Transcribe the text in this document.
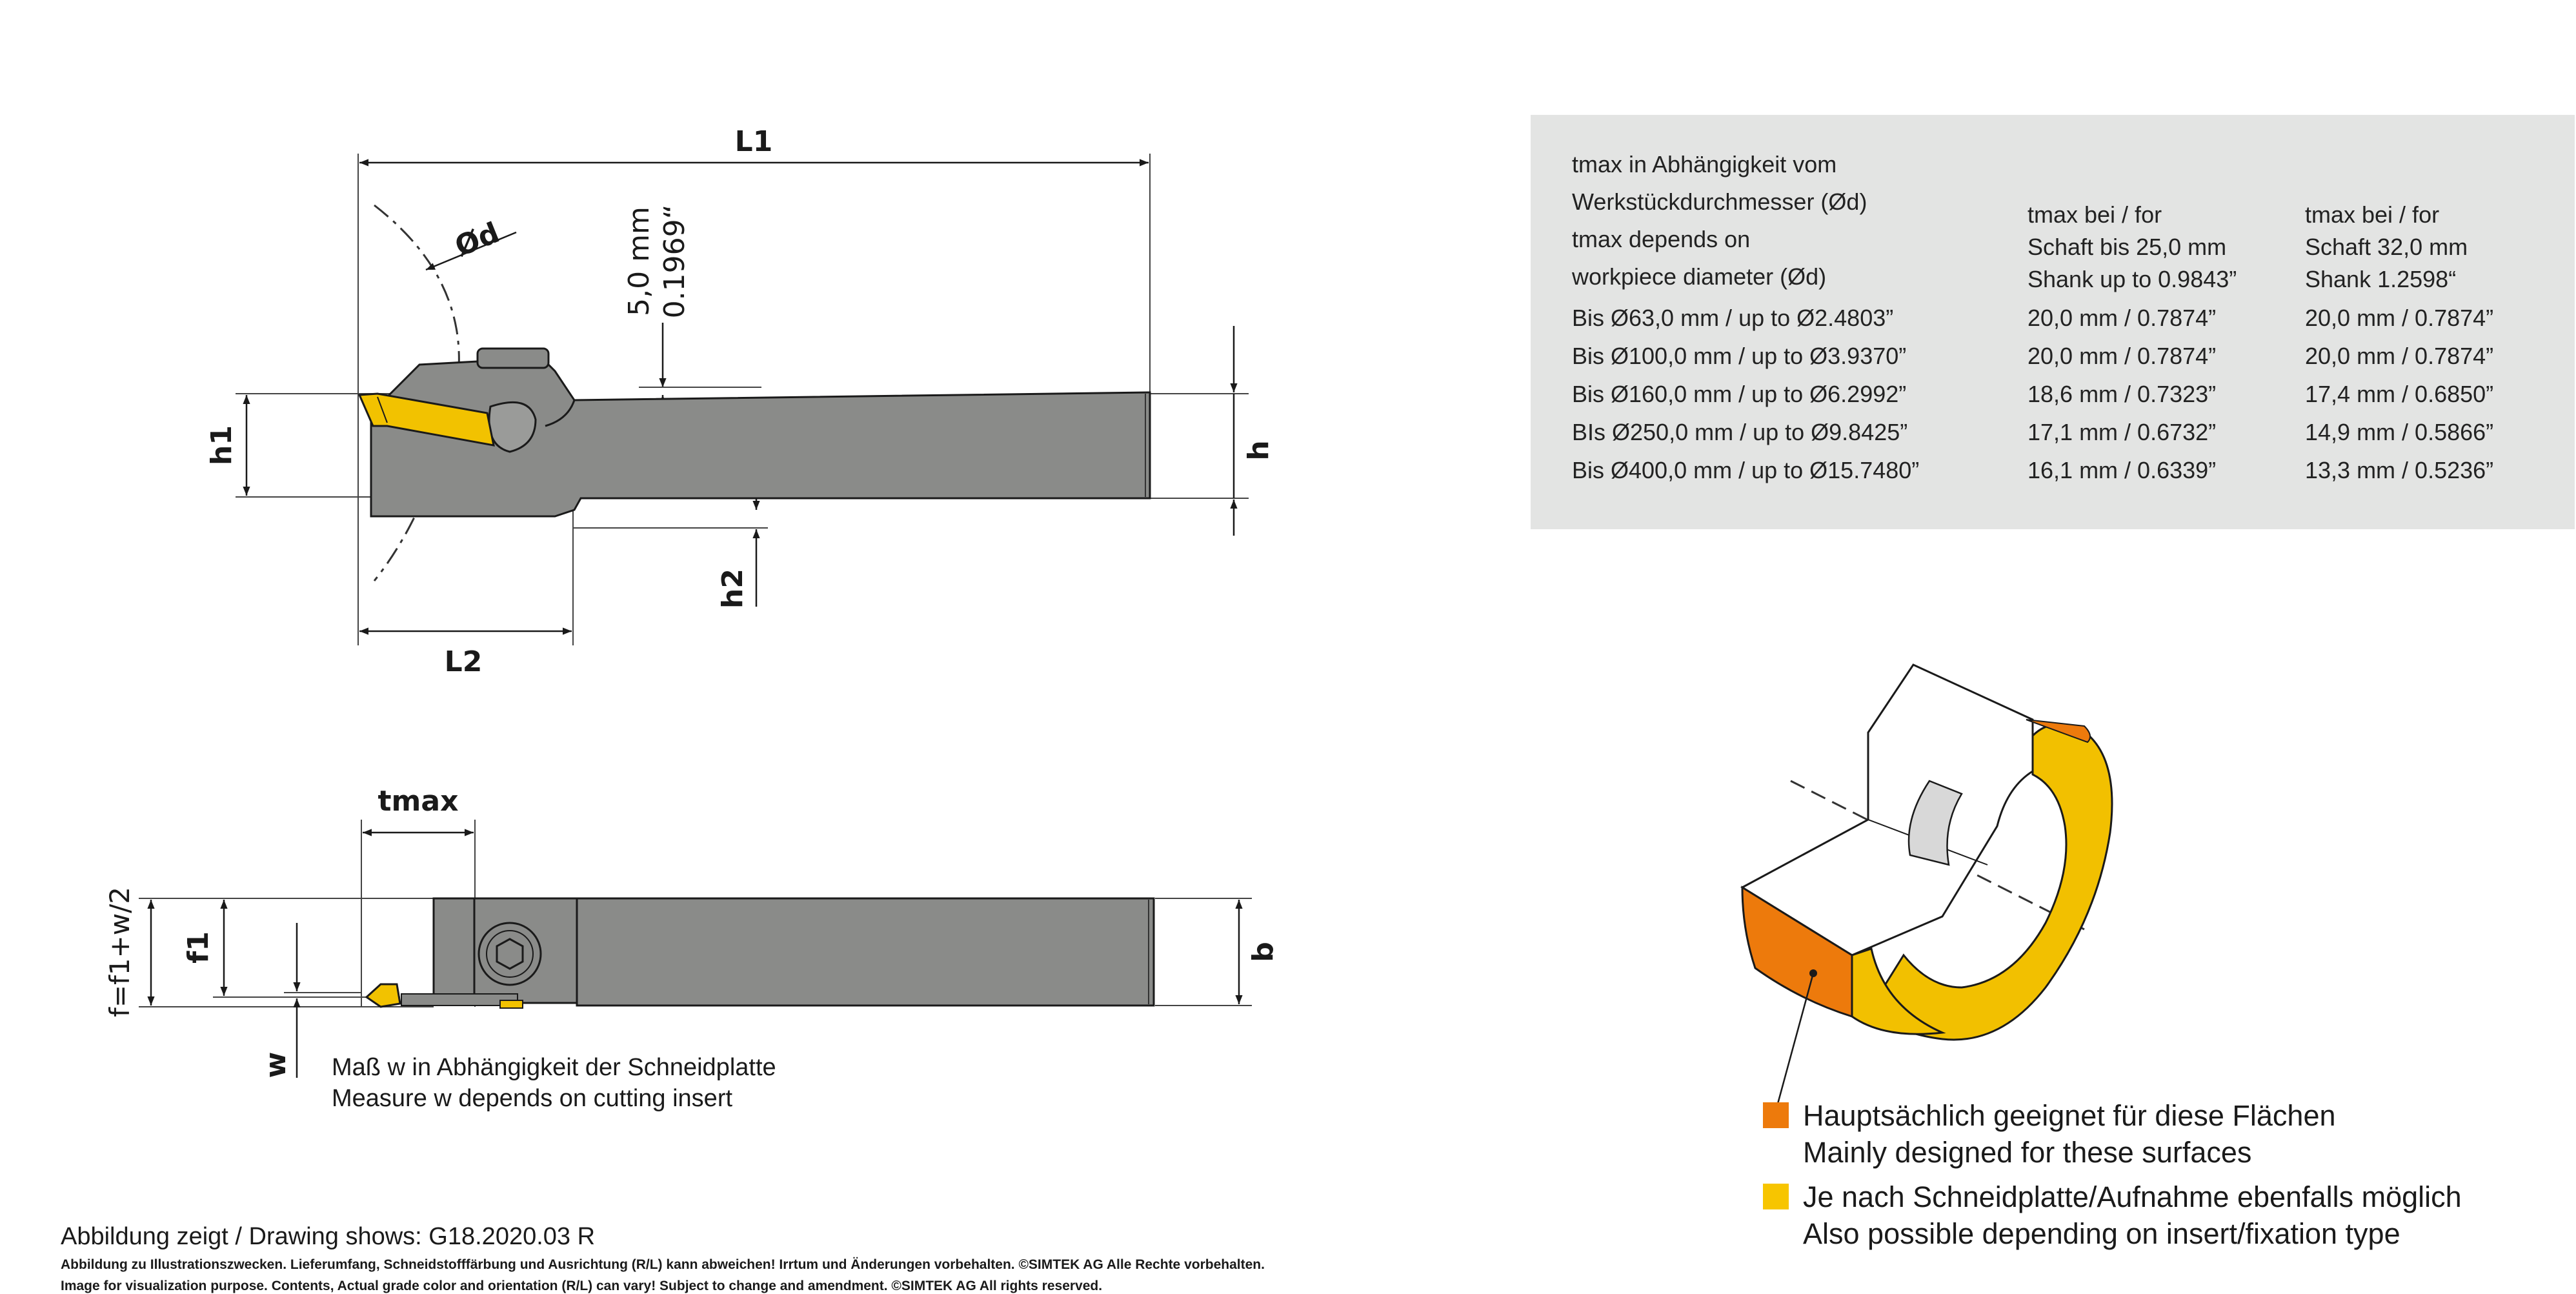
L1
L2
h1	h
h2
5,0 mm 0.1969“
Ød
tmax
f=f1+w/2 f1
w
b
tmax in Abhängigkeit vom
Werkstückdurchmesser (Ød)
tmax depends on
workpiece diameter (Ød)
tmax bei / for
Schaft bis 25,0 mm
Shank up to 0.9843”
tmax bei / for
Schaft 32,0 mm
Shank 1.2598“
Bis Ø63,0 mm / up to Ø2.4803”	20,0 mm / 0.7874”	20,0 mm / 0.7874”
Bis Ø100,0 mm / up to Ø3.9370”	20,0 mm / 0.7874”	20,0 mm / 0.7874”
Bis Ø160,0 mm / up to Ø6.2992”	18,6 mm / 0.7323”	17,4 mm / 0.6850”
BIs Ø250,0 mm / up to Ø9.8425”	17,1 mm / 0.6732”	14,9 mm / 0.5866”
Bis Ø400,0 mm / up to Ø15.7480”	16,1 mm / 0.6339”	13,3 mm / 0.5236”
Hauptsächlich geeignet für diese Flächen
Mainly designed for these surfaces
Je nach Schneidplatte/Aufnahme ebenfalls möglich
Also possible depending on insert/fixation type
Maß w in Abhängigkeit der Schneidplatte
Measure w depends on cutting insert
Abbildung zeigt / Drawing shows: G18.2020.03 R
Abbildung zu Illustrationszwecken. Lieferumfang, Schneidstofffärbung und Ausrichtung (R/L) kann abweichen! Irrtum und Änderungen vorbehalten. ©SIMTEK AG Alle Rechte vorbehalten.
Image for visualization purpose. Contents, Actual grade color and orientation (R/L) can vary! Subject to change and amendment. ©SIMTEK AG All rights reserved.
